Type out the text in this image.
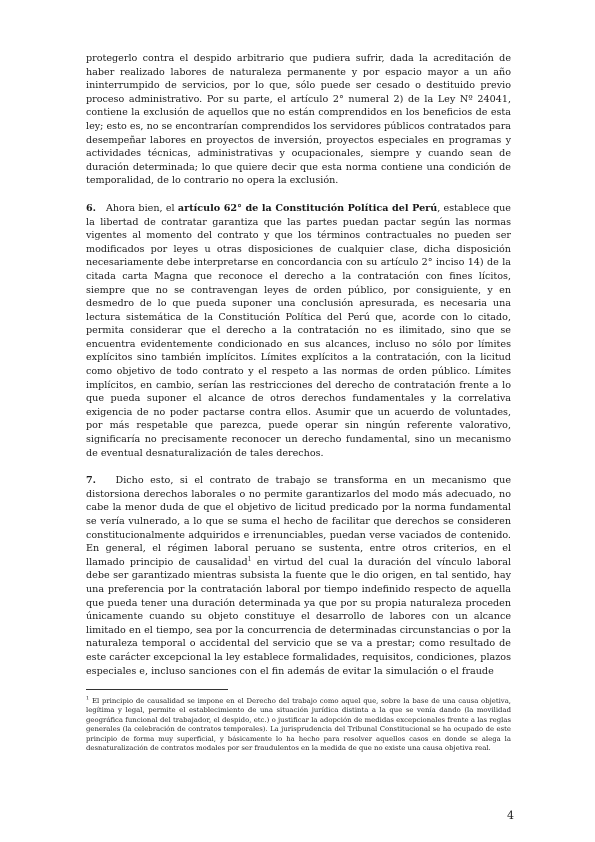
protegerlo contra el despido arbitrario que pudiera sufrir, dada la acreditación de haber realizado labores de naturaleza permanente y por espacio mayor a un año ininterrumpido de servicios, por lo que, sólo puede ser cesado o destituido previo proceso administrativo. Por su parte, el artículo 2° numeral 2) de la Ley Nº 24041, contiene la exclusión de aquellos que no están comprendidos en los beneficios de esta ley; esto es, no se encontrarían comprendidos los servidores públicos contratados para desempeñar labores en proyectos de inversión, proyectos especiales en programas y actividades técnicas, administrativas y ocupacionales, siempre y cuando sean de duración determinada; lo que quiere decir que esta norma contiene una condición de temporalidad, de lo contrario no opera la exclusión.

6. Ahora bien, el artículo 62° de la Constitución Política del Perú, establece que la libertad de contratar garantiza que las partes puedan pactar según las normas vigentes al momento del contrato y que los términos contractuales no pueden ser modificados por leyes u otras disposiciones de cualquier clase, dicha disposición necesariamente debe interpretarse en concordancia con su artículo 2° inciso 14) de la citada carta Magna que reconoce el derecho a la contratación con fines lícitos, siempre que no se contravengan leyes de orden público, por consiguiente, y en desmedro de lo que pueda suponer una conclusión apresurada, es necesaria una lectura sistemática de la Constitución Política del Perú que, acorde con lo citado, permita considerar que el derecho a la contratación no es ilimitado, sino que se encuentra evidentemente condicionado en sus alcances, incluso no sólo por límites explícitos sino también implícitos. Límites explícitos a la contratación, con la licitud como objetivo de todo contrato y el respeto a las normas de orden público. Límites implícitos, en cambio, serían las restricciones del derecho de contratación frente a lo que pueda suponer el alcance de otros derechos fundamentales y la correlativa exigencia de no poder pactarse contra ellos. Asumir que un acuerdo de voluntades, por más respetable que parezca, puede operar sin ningún referente valorativo, significaría no precisamente reconocer un derecho fundamental, sino un mecanismo de eventual desnaturalización de tales derechos.

7. Dicho esto, si el contrato de trabajo se transforma en un mecanismo que distorsiona derechos laborales o no permite garantizarlos del modo más adecuado, no cabe la menor duda de que el objetivo de licitud predicado por la norma fundamental se vería vulnerado, a lo que se suma el hecho de facilitar que derechos se consideren constitucionalmente adquiridos e irrenunciables, puedan verse vaciados de contenido. En general, el régimen laboral peruano se sustenta, entre otros criterios, en el llamado principio de causalidad$^1$ en virtud del cual la duración del vínculo laboral debe ser garantizado mientras subsista la fuente que le dio origen, en tal sentido, hay una preferencia por la contratación laboral por tiempo indefinido respecto de aquella que pueda tener una duración determinada ya que por su propia naturaleza proceden únicamente cuando su objeto constituye el desarrollo de labores con un alcance limitado en el tiempo, sea por la concurrencia de determinadas circunstancias o por la naturaleza temporal o accidental del servicio que se va a prestar; como resultado de este carácter excepcional la ley establece formalidades, requisitos, condiciones, plazos especiales e, incluso sanciones con el fin además de evitar la simulación o el fraude

$^1$ El principio de causalidad se impone en el Derecho del trabajo como aquel que, sobre la base de una causa objetiva, legítima y legal, permite el establecimiento de una situación jurídica distinta a la que se venía dando (la movilidad geográfica funcional del trabajador, el despido, etc.) o justificar la adopción de medidas excepcionales frente a las reglas generales (la celebración de contratos temporales). La jurisprudencia del Tribunal Constitucional se ha ocupado de este principio de forma muy superficial, y básicamente lo ha hecho para resolver aquellos casos en donde se alega la desnaturalización de contratos modales por ser fraudulentos en la medida de que no existe una causa objetiva real.
4
